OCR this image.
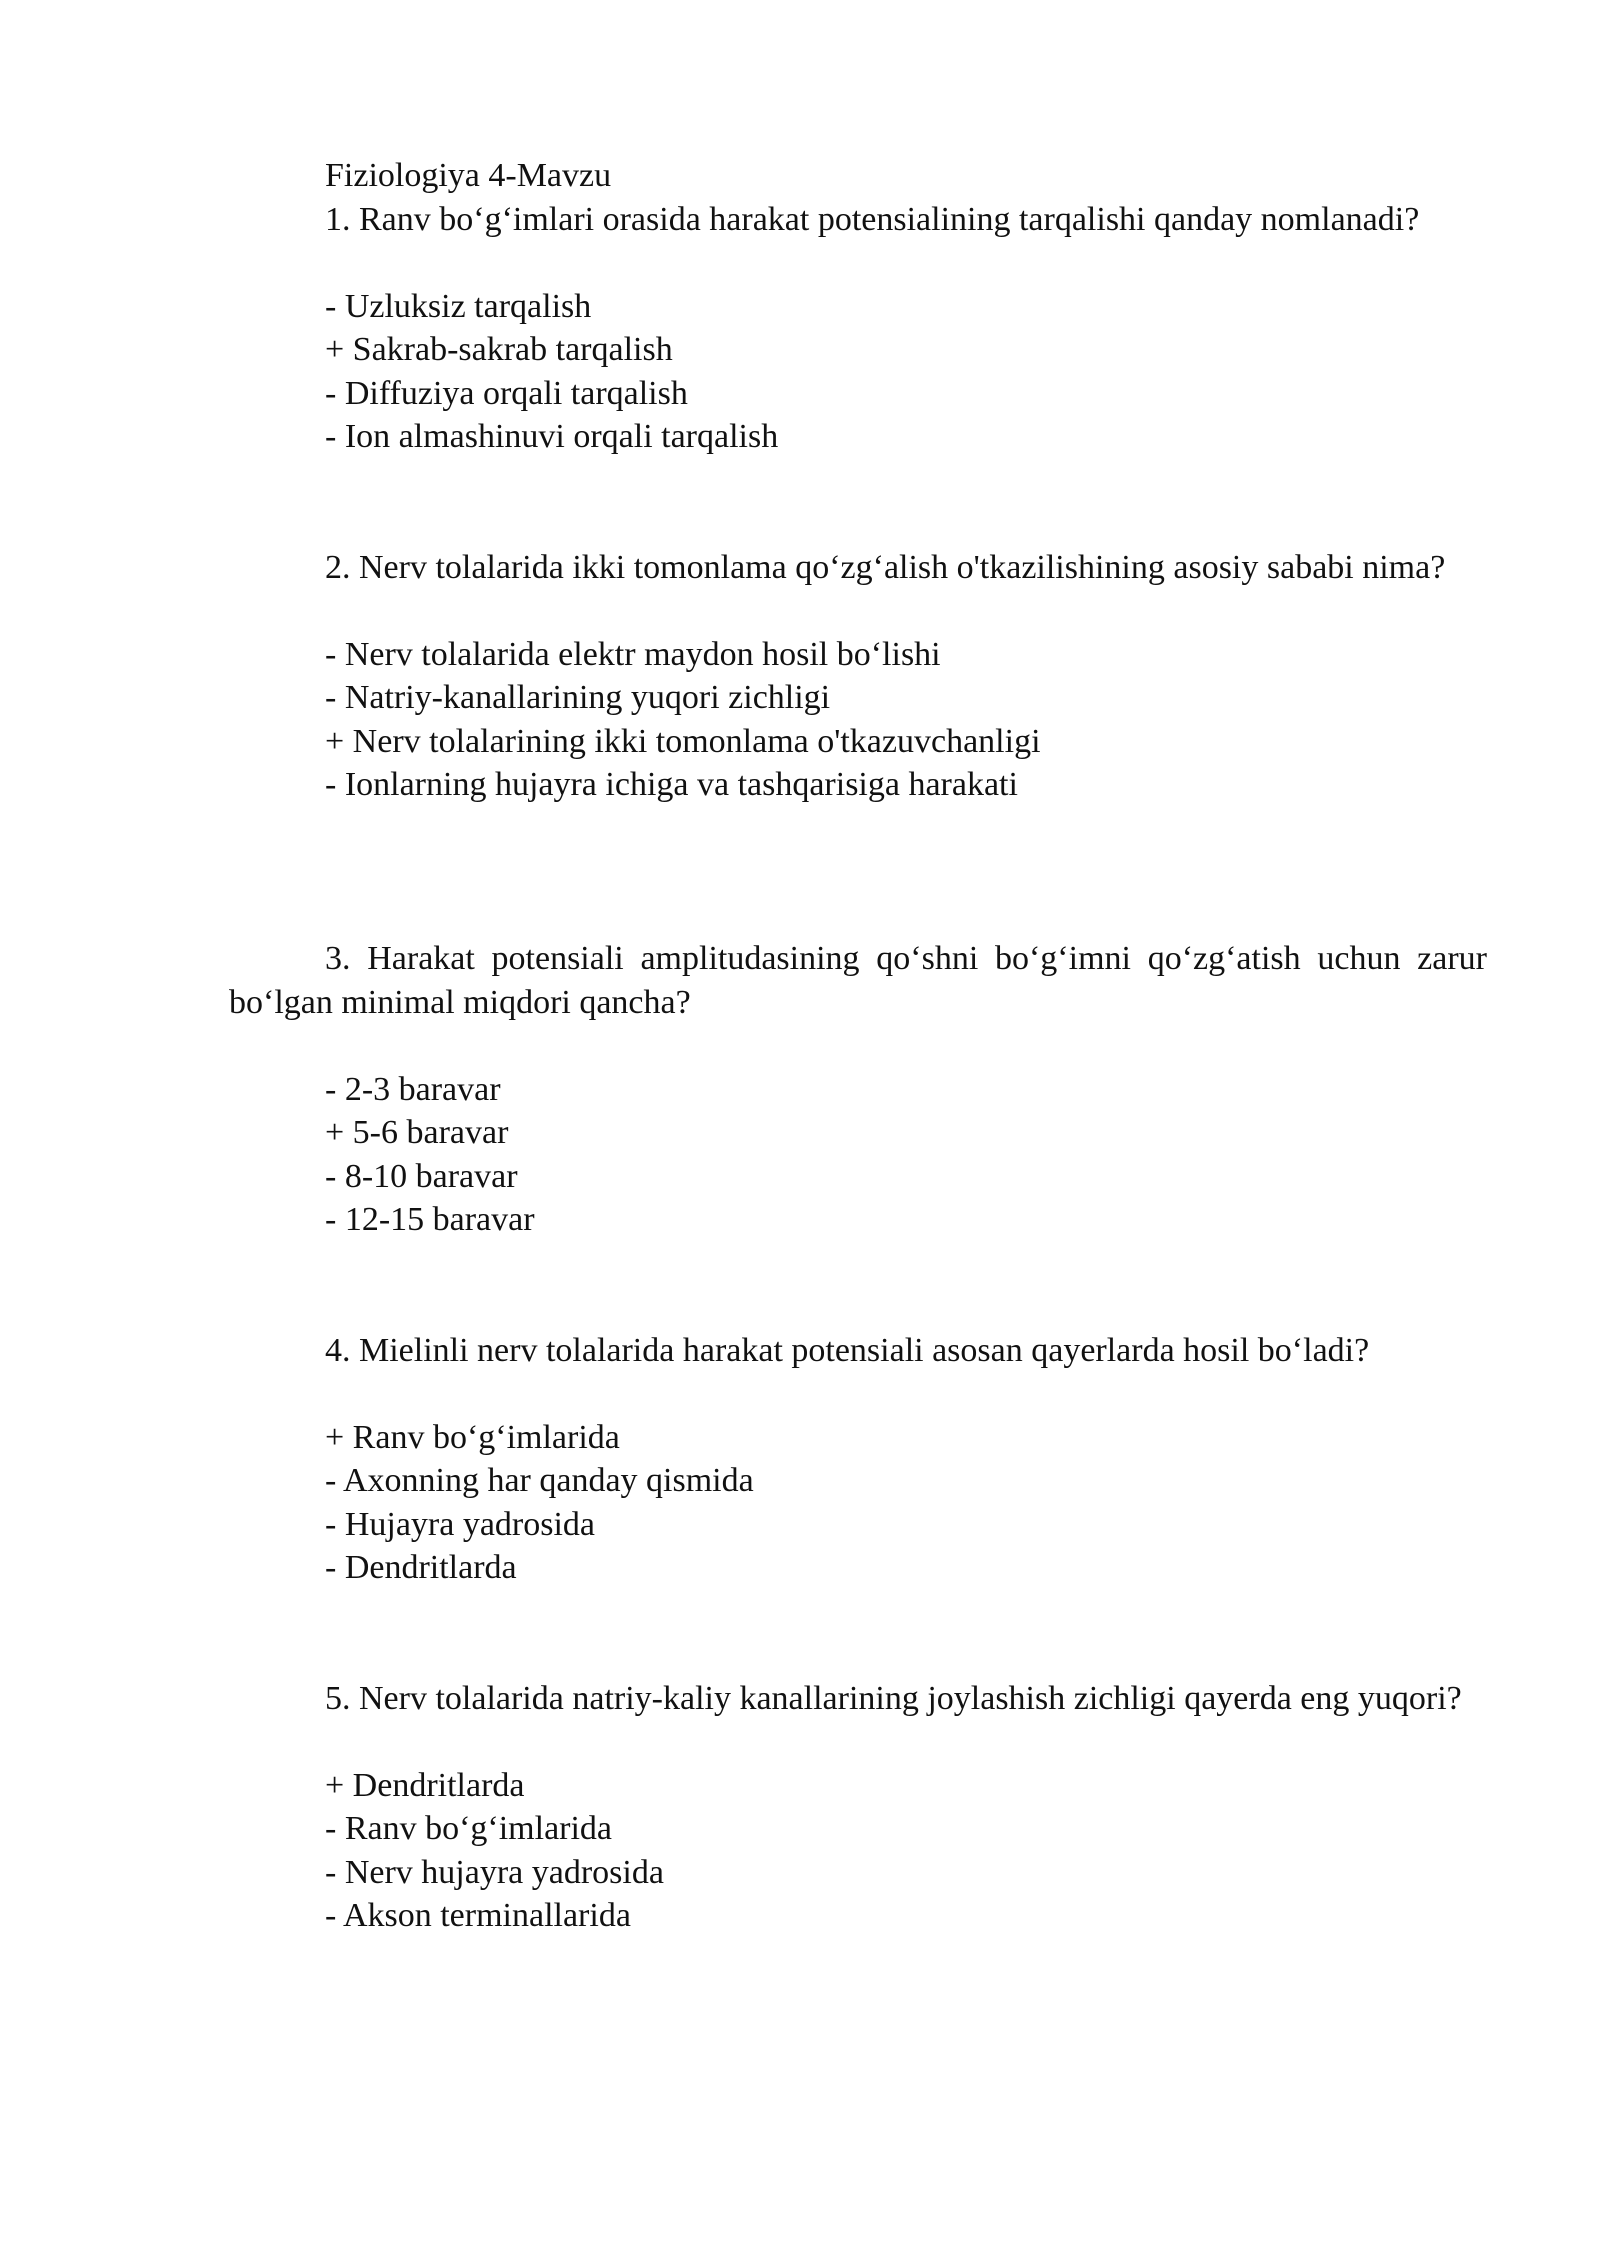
Fiziologiya 4-Mavzu

1. Ranv bo‘g‘imlari orasida harakat potensialining tarqalishi qanday nomlanadi?

- Uzluksiz tarqalish
+ Sakrab-sakrab tarqalish
- Diffuziya orqali tarqalish
- Ion almashinuvi orqali tarqalish

2. Nerv tolalarida ikki tomonlama qo‘zg‘alish o'tkazilishining asosiy sababi nima?

- Nerv tolalarida elektr maydon hosil bo‘lishi
- Natriy-kanallarining yuqori zichligi
+ Nerv tolalarining ikki tomonlama o'tkazuvchanligi
- Ionlarning hujayra ichiga va tashqarisiga harakati

3. Harakat potensiali amplitudasining qo‘shni bo‘g‘imni qo‘zg‘atish uchun zarur bo‘lgan minimal miqdori qancha?

- 2-3 baravar
+ 5-6 baravar
- 8-10 baravar
- 12-15 baravar

4. Mielinli nerv tolalarida harakat potensiali asosan qayerlarda hosil bo‘ladi?

+ Ranv bo‘g‘imlarida
- Axonning har qanday qismida
- Hujayra yadrosida
- Dendritlarda

5. Nerv tolalarida natriy-kaliy kanallarining joylashish zichligi qayerda eng yuqori?

+ Dendritlarda
- Ranv bo‘g‘imlarida
- Nerv hujayra yadrosida
- Akson terminallarida
